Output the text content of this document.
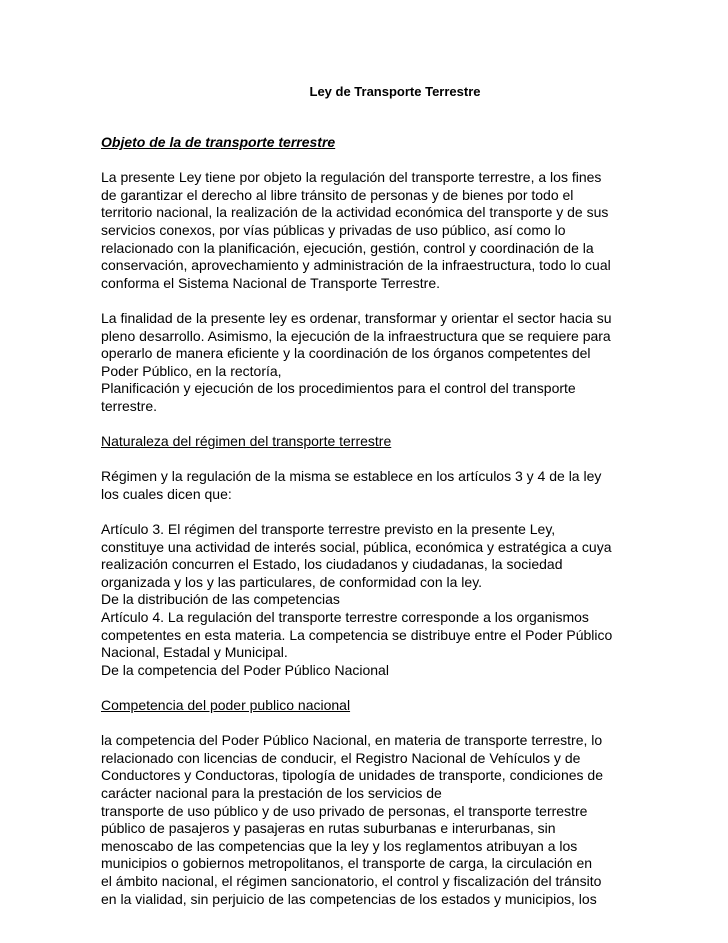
Ley de Transporte Terrestre
Objeto de la de transporte terrestre
La presente Ley tiene por objeto la regulación del transporte terrestre, a los fines
de garantizar el derecho al libre tránsito de personas y de bienes por todo el
territorio nacional, la realización de la actividad económica del transporte y de sus
servicios conexos, por vías públicas y privadas de uso público, así como lo
relacionado con la planificación, ejecución, gestión, control y coordinación de la
conservación, aprovechamiento y administración de la infraestructura, todo lo cual
conforma el Sistema Nacional de Transporte Terrestre.
La finalidad de la presente ley es ordenar, transformar y orientar el sector hacia su
pleno desarrollo. Asimismo, la ejecución de la infraestructura que se requiere para
operarlo de manera eficiente y la coordinación de los órganos competentes del
Poder Público, en la rectoría,
Planificación y ejecución de los procedimientos para el control del transporte
terrestre.
Naturaleza del régimen del transporte terrestre
Régimen y la regulación de la misma se establece en los artículos 3 y 4 de la ley
los cuales dicen que:
Artículo 3. El régimen del transporte terrestre previsto en la presente Ley,
constituye una actividad de interés social, pública, económica y estratégica a cuya
realización concurren el Estado, los ciudadanos y ciudadanas, la sociedad
organizada y los y las particulares, de conformidad con la ley.
De la distribución de las competencias
Artículo 4. La regulación del transporte terrestre corresponde a los organismos
competentes en esta materia. La competencia se distribuye entre el Poder Público
Nacional, Estadal y Municipal.
De la competencia del Poder Público Nacional
Competencia del poder publico nacional
la competencia del Poder Público Nacional, en materia de transporte terrestre, lo
relacionado con licencias de conducir, el Registro Nacional de Vehículos y de
Conductores y Conductoras, tipología de unidades de transporte, condiciones de
carácter nacional para la prestación de los servicios de
transporte de uso público y de uso privado de personas, el transporte terrestre
público de pasajeros y pasajeras en rutas suburbanas e interurbanas, sin
menoscabo de las competencias que la ley y los reglamentos atribuyan a los
municipios o gobiernos metropolitanos, el transporte de carga, la circulación en
el ámbito nacional, el régimen sancionatorio, el control y fiscalización del tránsito
en la vialidad, sin perjuicio de las competencias de los estados y municipios, los
